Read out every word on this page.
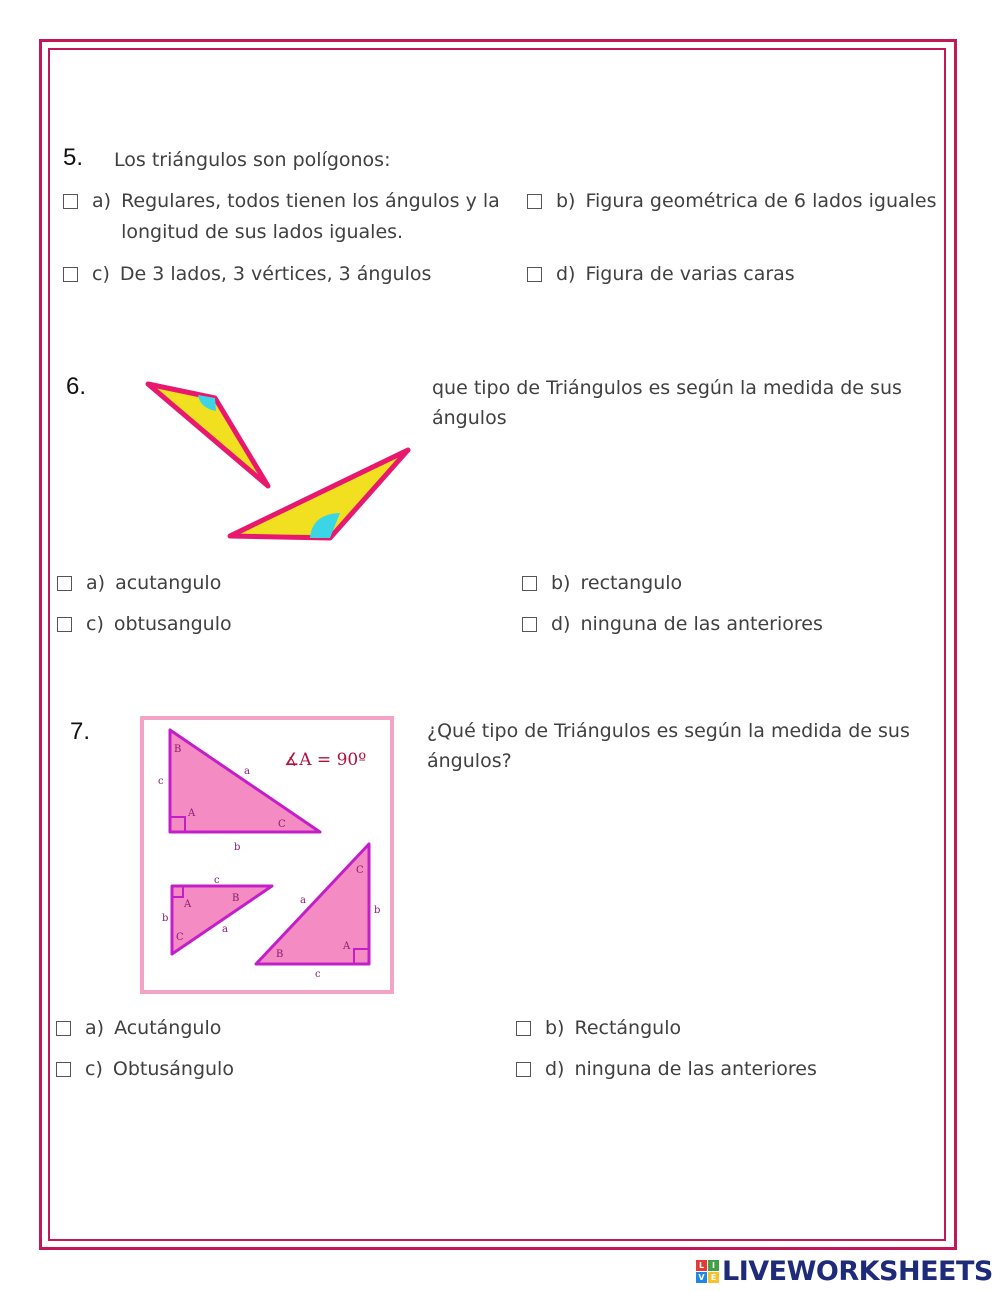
5. Los triángulos son polígonos:
a) Regulares, todos tienen los ángulos y la
longitud de sus lados iguales.
b) Figura geométrica de 6 lados iguales
c) De 3 lados, 3 vértices, 3 ángulos	d) Figura de varias caras
6.	que tipo de Triángulos es según la medida de sus
ángulos
a) acutangulo	b) rectangulo
c) obtusangulo	d) ninguna de las anteriores
7.
B
a
c
A
C
b
c
A
B
b
C
a
C
a
b
A
B
c
∡A = 90º
¿Qué tipo de Triángulos es según la medida de sus
ángulos?
a) Acutángulo	b) Rectángulo
c) Obtusángulo	d) ninguna de las anteriores
L I
V E LIVEWORKSHEETS
